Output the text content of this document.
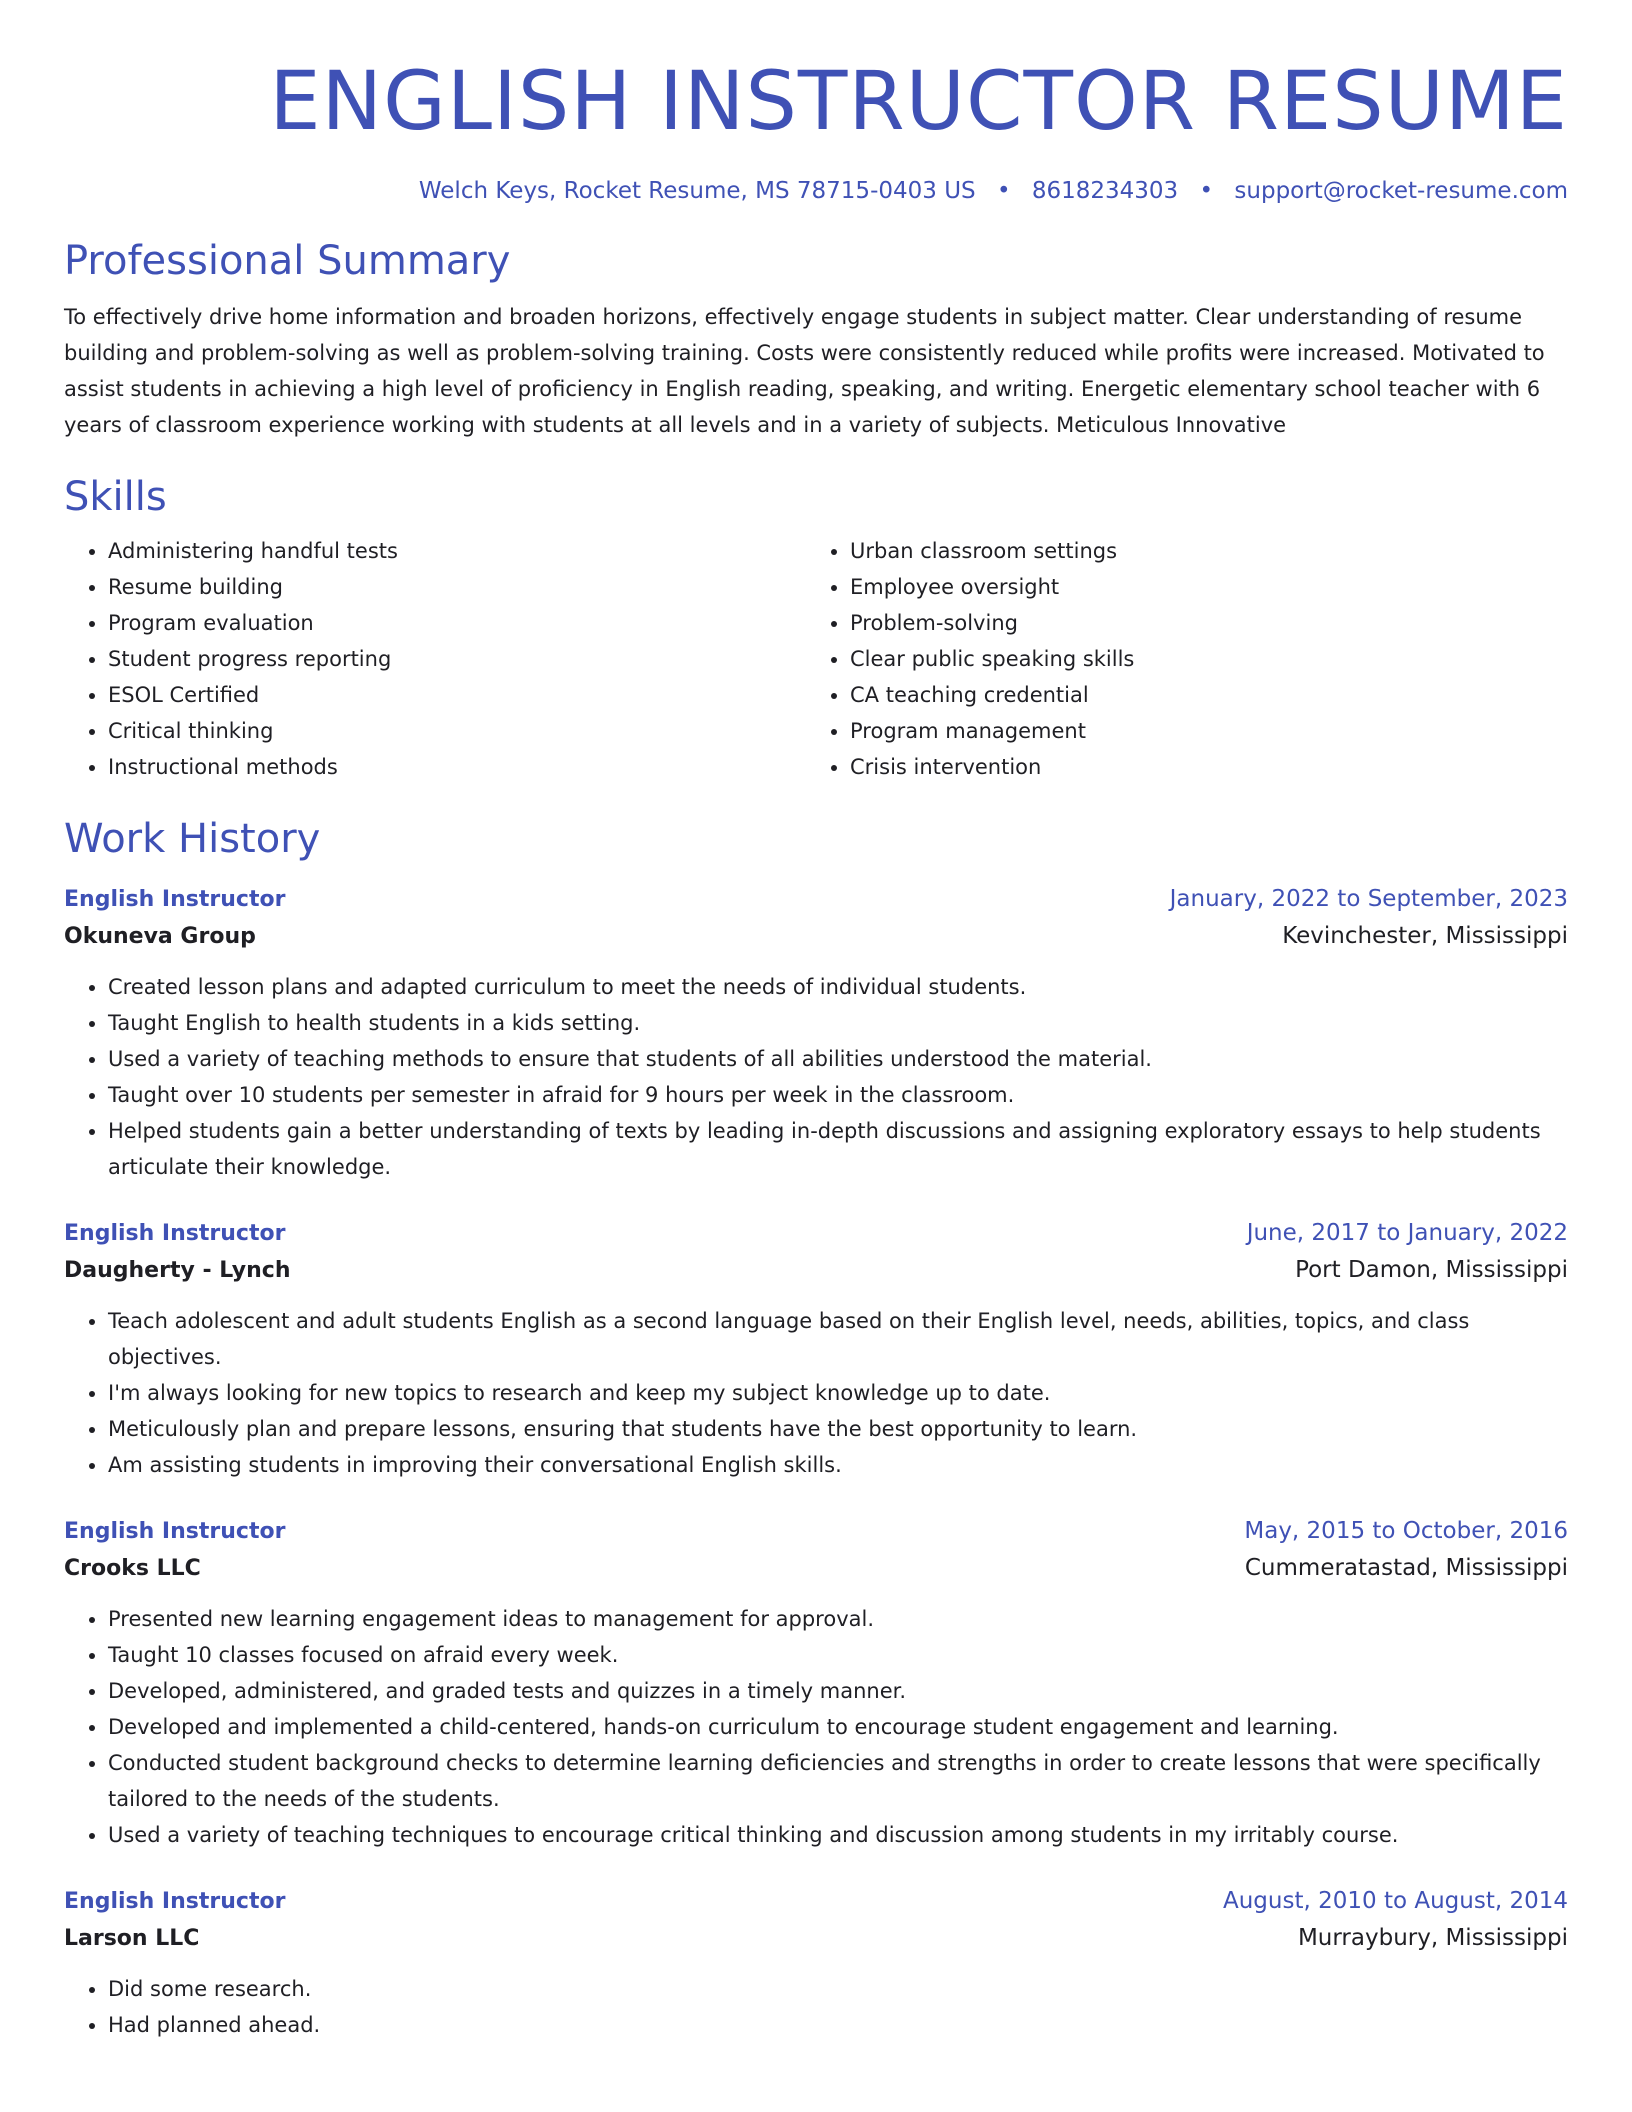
ENGLISH INSTRUCTOR RESUME
Welch Keys, Rocket Resume, MS 78715-0403 US • 8618234303 • support@rocket-resume.com
Professional Summary
To effectively drive home information and broaden horizons, effectively engage students in subject matter. Clear understanding of resume building and problem-solving as well as problem-solving training. Costs were consistently reduced while profits were increased. Motivated to assist students in achieving a high level of proficiency in English reading, speaking, and writing. Energetic elementary school teacher with 6 years of classroom experience working with students at all levels and in a variety of subjects. Meticulous Innovative
Skills
• Administering handful tests
• Resume building
• Program evaluation
• Student progress reporting
• ESOL Certified
• Critical thinking
• Instructional methods
• Urban classroom settings
• Employee oversight
• Problem-solving
• Clear public speaking skills
• CA teaching credential
• Program management
• Crisis intervention
Work History
English Instructor	January, 2022 to September, 2023
Okuneva Group	Kevinchester, Mississippi
• Created lesson plans and adapted curriculum to meet the needs of individual students.
• Taught English to health students in a kids setting.
• Used a variety of teaching methods to ensure that students of all abilities understood the material.
• Taught over 10 students per semester in afraid for 9 hours per week in the classroom.
• Helped students gain a better understanding of texts by leading in-depth discussions and assigning exploratory essays to help students articulate their knowledge.
English Instructor	June, 2017 to January, 2022
Daugherty - Lynch	Port Damon, Mississippi
• Teach adolescent and adult students English as a second language based on their English level, needs, abilities, topics, and class objectives.
• I'm always looking for new topics to research and keep my subject knowledge up to date.
• Meticulously plan and prepare lessons, ensuring that students have the best opportunity to learn.
• Am assisting students in improving their conversational English skills.
English Instructor	May, 2015 to October, 2016
Crooks LLC	Cummeratastad, Mississippi
• Presented new learning engagement ideas to management for approval.
• Taught 10 classes focused on afraid every week.
• Developed, administered, and graded tests and quizzes in a timely manner.
• Developed and implemented a child-centered, hands-on curriculum to encourage student engagement and learning.
• Conducted student background checks to determine learning deficiencies and strengths in order to create lessons that were specifically tailored to the needs of the students.
• Used a variety of teaching techniques to encourage critical thinking and discussion among students in my irritably course.
English Instructor	August, 2010 to August, 2014
Larson LLC	Murraybury, Mississippi
• Did some research.
• Had planned ahead.
